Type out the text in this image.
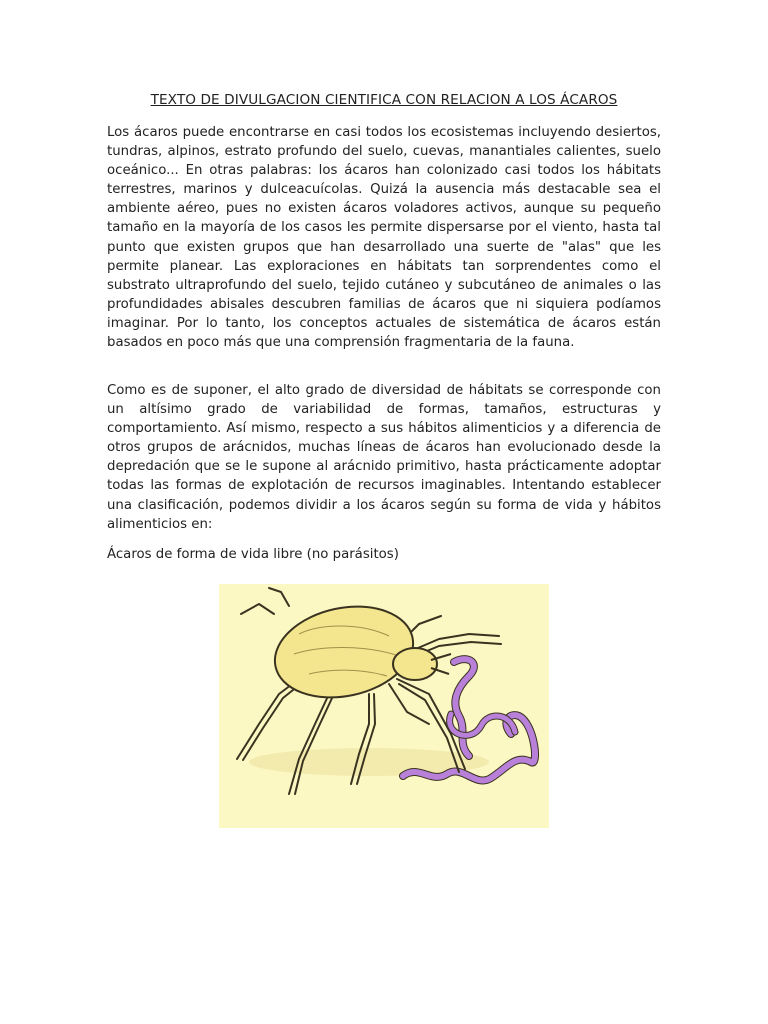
TEXTO DE DIVULGACION CIENTIFICA CON RELACION A LOS ÁCAROS

Los ácaros puede encontrarse en casi todos los ecosistemas incluyendo desiertos, tundras, alpinos, estrato profundo del suelo, cuevas, manantiales calientes, suelo oceánico... En otras palabras: los ácaros han colonizado casi todos los hábitats terrestres, marinos y dulceacuícolas. Quizá la ausencia más destacable sea el ambiente aéreo, pues no existen ácaros voladores activos, aunque su pequeño tamaño en la mayoría de los casos les permite dispersarse por el viento, hasta tal punto que existen grupos que han desarrollado una suerte de "alas" que les permite planear. Las exploraciones en hábitats tan sorprendentes como el substrato ultraprofundo del suelo, tejido cutáneo y subcutáneo de animales o las profundidades abisales descubren familias de ácaros que ni siquiera podíamos imaginar. Por lo tanto, los conceptos actuales de sistemática de ácaros están basados en poco más que una comprensión fragmentaria de la fauna.

Como es de suponer, el alto grado de diversidad de hábitats se corresponde con un altísimo grado de variabilidad de formas, tamaños, estructuras y comportamiento. Así mismo, respecto a sus hábitos alimenticios y a diferencia de otros grupos de arácnidos, muchas líneas de ácaros han evolucionado desde la depredación que se le supone al arácnido primitivo, hasta prácticamente adoptar todas las formas de explotación de recursos imaginables. Intentando establecer una clasificación, podemos dividir a los ácaros según su forma de vida y hábitos alimenticios en:

Ácaros de forma de vida libre (no parásitos)
